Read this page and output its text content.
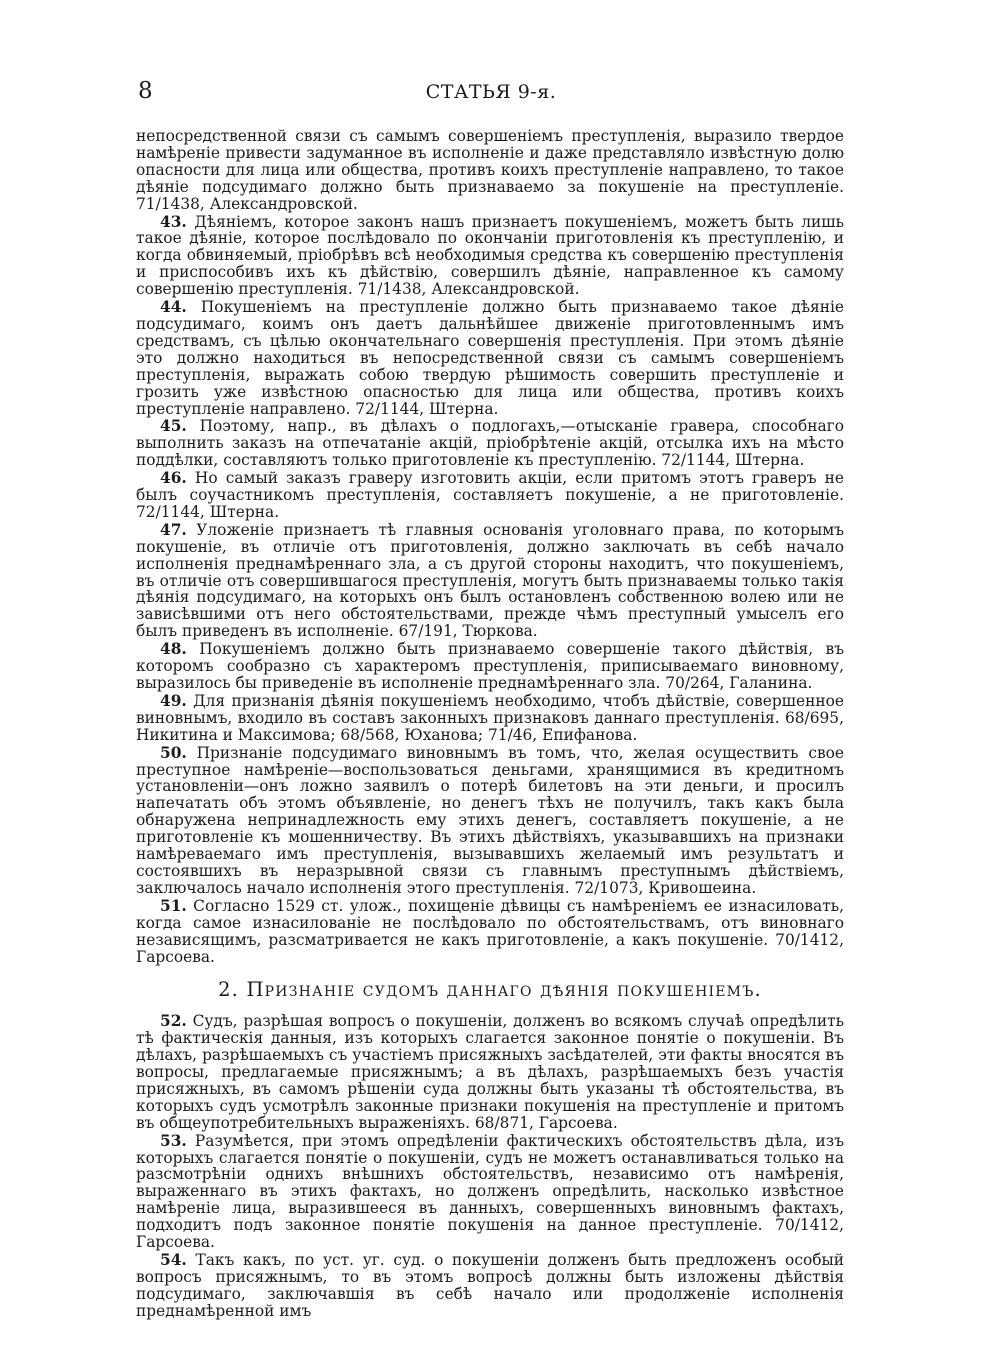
8	СТАТЬЯ 9-я.

непосредственной связи съ самымъ совершенiемъ преступленія, выразило твердое намѣреніе привести задуманное въ исполненіе и даже представляло извѣстную долю опасности для лица или общества, противъ коихъ преступленіе направлено, то такое дѣяніе подсудимаго должно быть признаваемо за покушеніе на преступленіе. 71/1438, Александровской.

43. Дѣяніемъ, которое законъ нашъ признаетъ покушеніемъ, можетъ быть лишь такое дѣяніе, которое послѣдовало по окончаніи приготовленія къ преступленію, и когда обвиняемый, пріобрѣвъ всѣ необходимыя средства къ совершенію преступленія и приспособивъ ихъ къ дѣйствію, совершилъ дѣяніе, направленное къ самому совершенію преступленія. 71/1438, Александровской.

44. Покушеніемъ на преступленіе должно быть признаваемо такое дѣяніе подсудимаго, коимъ онъ даетъ дальнѣйшее движеніе приготовленнымъ имъ средствамъ, съ цѣлью окончательнаго совершенія преступленія. При этомъ дѣяніе это должно находиться въ непосредственной связи съ самымъ совершеніемъ преступленія, выражать собою твердую рѣшимость совершить преступленіе и грозить уже извѣстною опасностью для лица или общества, противъ коихъ преступленіе направлено. 72/1144, Штерна.

45. Поэтому, напр., въ дѣлахъ о подлогахъ,—отысканіе гравера, способнаго выполнить заказъ на отпечатаніе акцій, пріобрѣтеніе акцій, отсылка ихъ на мѣсто поддѣлки, составляютъ только приготовленіе къ преступленію. 72/1144, Штерна.

46. Но самый заказъ граверу изготовить акціи, если притомъ этотъ граверъ не былъ соучастникомъ преступленія, составляетъ покушеніе, а не приготовленіе. 72/1144, Штерна.

47. Уложеніе признаетъ тѣ главныя основанія уголовнаго права, по которымъ покушеніе, въ отличіе отъ приготовленія, должно заключать въ себѣ начало исполненія преднамѣреннаго зла, а съ другой стороны находитъ, что покушеніемъ, въ отличіе отъ совершившагося преступленія, могутъ быть признаваемы только такія дѣянія подсудимаго, на которыхъ онъ былъ остановленъ собственною волею или не зависѣвшими отъ него обстоятельствами, прежде чѣмъ преступный умыселъ его былъ приведенъ въ исполненіе. 67/191, Тюркова.

48. Покушеніемъ должно быть признаваемо совершеніе такого дѣйствія, въ которомъ сообразно съ характеромъ преступленія, приписываемаго виновному, выразилось бы приведеніе въ исполненіе преднамѣреннаго зла. 70/264, Галанина.

49. Для признанія дѣянія покушеніемъ необходимо, чтобъ дѣйствіе, совершенное виновнымъ, входило въ составъ законныхъ признаковъ даннаго преступленія. 68/695, Никитина и Максимова; 68/568, Юханова; 71/46, Епифанова.

50. Признаніе подсудимаго виновнымъ въ томъ, что, желая осуществить свое преступное намѣреніе—воспользоваться деньгами, хранящимися въ кредитномъ установленіи—онъ ложно заявилъ о потерѣ билетовъ на эти деньги, и просилъ напечатать объ этомъ объявленіе, но денегъ тѣхъ не получилъ, такъ какъ была обнаружена непринадлежность ему этихъ денегъ, составляетъ покушеніе, а не приготовленіе къ мошенничеству. Въ этихъ дѣйствіяхъ, указывавшихъ на признаки намѣреваемаго имъ преступленія, вызывавшихъ желаемый имъ результатъ и состоявшихъ въ неразрывной связи съ главнымъ преступнымъ дѣйствіемъ, заключалось начало исполненія этого преступленія. 72/1073, Кривошеина.

51. Согласно 1529 ст. улож., похищеніе дѣвицы съ намѣреніемъ ее изнасиловать, когда самое изнасилованіе не послѣдовало по обстоятельствамъ, отъ виновнаго независящимъ, разсматривается не какъ приготовленіе, а какъ покушеніе. 70/1412, Гарсоева.

2. Признаніе судомъ даннаго дѣянія покушеніемъ.

52. Судъ, разрѣшая вопросъ о покушеніи, долженъ во всякомъ случаѣ опредѣлить тѣ фактическія данныя, изъ которыхъ слагается законное понятіе о покушеніи. Въ дѣлахъ, разрѣшаемыхъ съ участіемъ присяжныхъ засѣдателей, эти факты вносятся въ вопросы, предлагаемые присяжнымъ; а въ дѣлахъ, разрѣшаемыхъ безъ участія присяжныхъ, въ самомъ рѣшеніи суда должны быть указаны тѣ обстоятельства, въ которыхъ судъ усмотрѣлъ законные признаки покушенія на преступленіе и притомъ въ общеупотребительныхъ выраженіяхъ. 68/871, Гарсоева.

53. Разумѣется, при этомъ опредѣленіи фактическихъ обстоятельствъ дѣла, изъ которыхъ слагается понятіе о покушеніи, судъ не можетъ останавливаться только на разсмотрѣніи однихъ внѣшнихъ обстоятельствъ, независимо отъ намѣренія, выраженнаго въ этихъ фактахъ, но долженъ опредѣлить, насколько извѣстное намѣреніе лица, выразившееся въ данныхъ, совершенныхъ виновнымъ фактахъ, подходитъ подъ законное понятіе покушенія на данное преступленіе. 70/1412, Гарсоева.

54. Такъ какъ, по уст. уг. суд. о покушеніи долженъ быть предложенъ особый вопросъ присяжнымъ, то въ этомъ вопросѣ должны быть изложены дѣйствія подсудимаго, заключавшія въ себѣ начало или продолженіе исполненія преднамѣренной имъ
